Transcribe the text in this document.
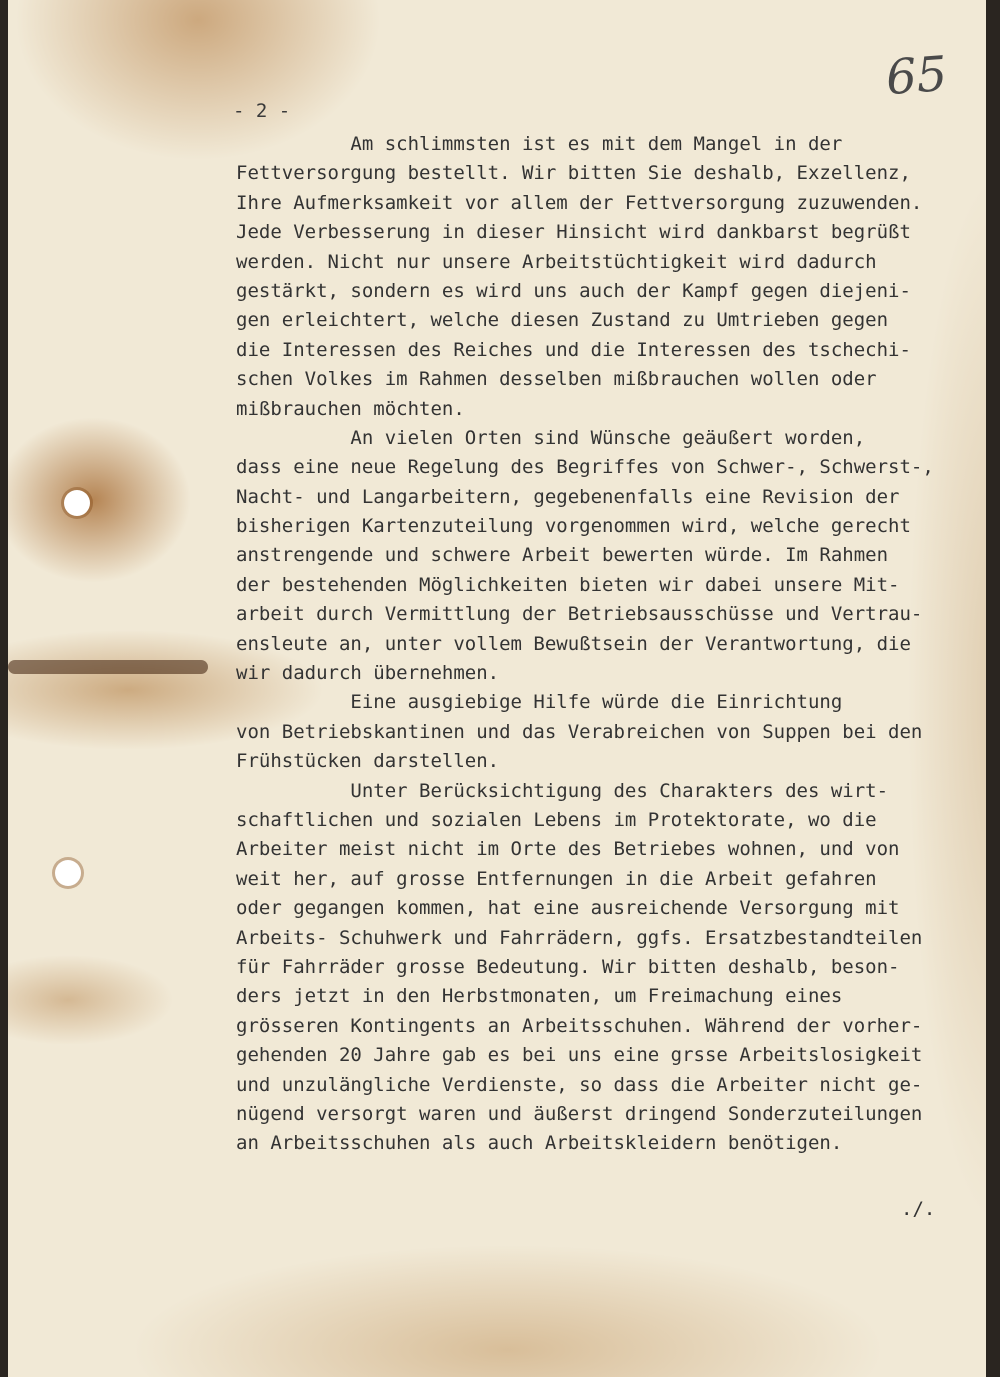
- 2 -
65
Am schlimmsten ist es mit dem Mangel in der
Fettversorgung bestellt. Wir bitten Sie deshalb, Exzellenz,
Ihre Aufmerksamkeit vor allem der Fettversorgung zuzuwenden.
Jede Verbesserung in dieser Hinsicht wird dankbarst begrüßt
werden. Nicht nur unsere Arbeitstüchtigkeit wird dadurch
gestärkt, sondern es wird uns auch der Kampf gegen diejeni-
gen erleichtert, welche diesen Zustand zu Umtrieben gegen
die Interessen des Reiches und die Interessen des tschechi-
schen Volkes im Rahmen desselben mißbrauchen wollen oder
mißbrauchen möchten.
An vielen Orten sind Wünsche geäußert worden,
dass eine neue Regelung des Begriffes von Schwer-, Schwerst-,
Nacht- und Langarbeitern, gegebenenfalls eine Revision der
bisherigen Kartenzuteilung vorgenommen wird, welche gerecht
anstrengende und schwere Arbeit bewerten würde. Im Rahmen
der bestehenden Möglichkeiten bieten wir dabei unsere Mit-
arbeit durch Vermittlung der Betriebsausschüsse und Vertrau-
ensleute an, unter vollem Bewußtsein der Verantwortung, die
wir dadurch übernehmen.
Eine ausgiebige Hilfe würde die Einrichtung
von Betriebskantinen und das Verabreichen von Suppen bei den
Frühstücken darstellen.
Unter Berücksichtigung des Charakters des wirt-
schaftlichen und sozialen Lebens im Protektorate, wo die
Arbeiter meist nicht im Orte des Betriebes wohnen, und von
weit her, auf grosse Entfernungen in die Arbeit gefahren
oder gegangen kommen, hat eine ausreichende Versorgung mit
Arbeits- Schuhwerk und Fahrrädern, ggfs. Ersatzbestandteilen
für Fahrräder grosse Bedeutung. Wir bitten deshalb, beson-
ders jetzt in den Herbstmonaten, um Freimachung eines
grösseren Kontingents an Arbeitsschuhen. Während der vorher-
gehenden 20 Jahre gab es bei uns eine grsse Arbeitslosigkeit
und unzulängliche Verdienste, so dass die Arbeiter nicht ge-
nügend versorgt waren und äußerst dringend Sonderzuteilungen
an Arbeitsschuhen als auch Arbeitskleidern benötigen.
./.
